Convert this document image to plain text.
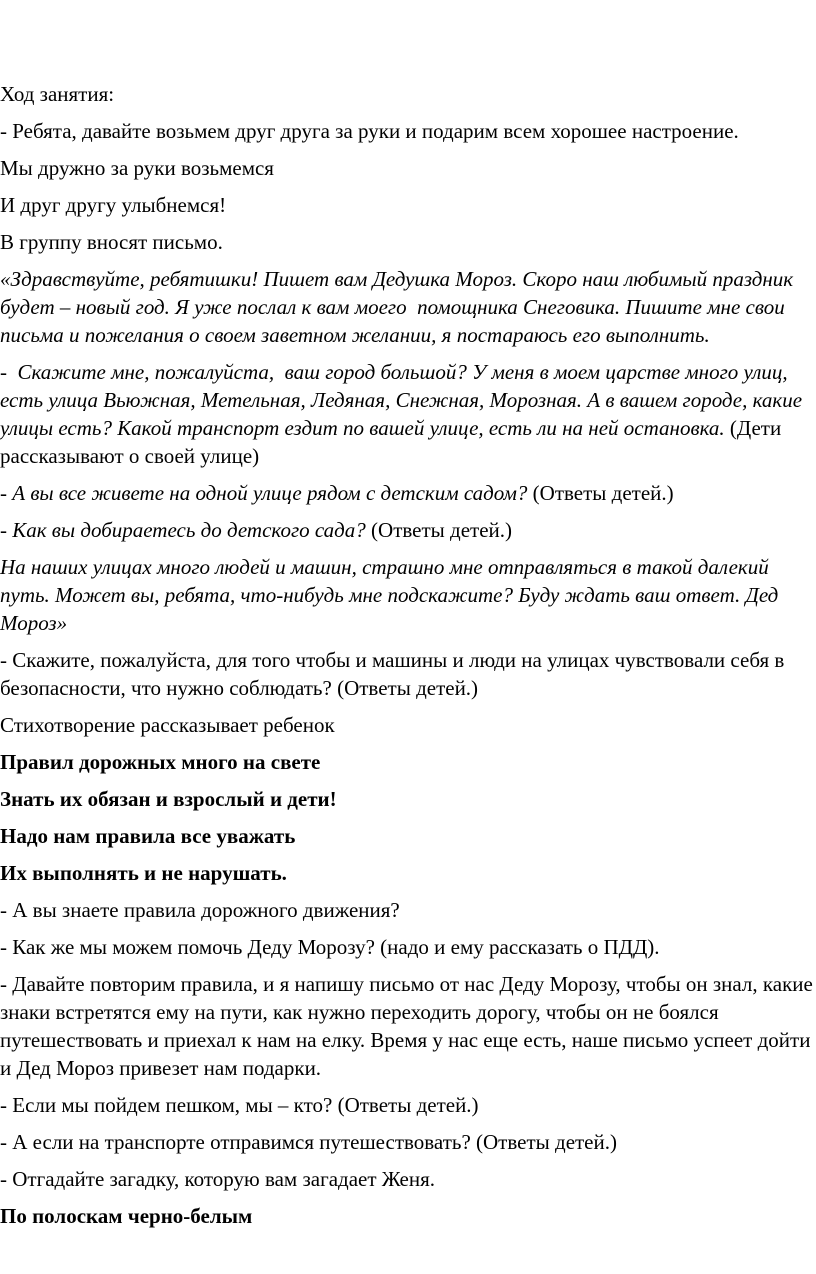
Ход занятия:

- Ребята, давайте возьмем друг друга за руки и подарим всем хорошее настроение.

Мы дружно за руки возьмемся

И друг другу улыбнемся!

В группу вносят письмо.

«Здравствуйте, ребятишки! Пишет вам Дедушка Мороз. Скоро наш любимый праздник будет – новый год. Я уже послал к вам моего  помощника Снеговика. Пишите мне свои письма и пожелания о своем заветном желании, я постараюсь его выполнить.

-  Скажите мне, пожалуйста,  ваш город большой? У меня в моем царстве много улиц, есть улица Вьюжная, Метельная, Ледяная, Снежная, Морозная. А в вашем городе, какие улицы есть? Какой транспорт ездит по вашей улице, есть ли на ней остановка. (Дети рассказывают о своей улице)

- А вы все живете на одной улице рядом с детским садом? (Ответы детей.)

- Как вы добираетесь до детского сада? (Ответы детей.)

На наших улицах много людей и машин, страшно мне отправляться в такой далекий путь. Может вы, ребята, что-нибудь мне подскажите? Буду ждать ваш ответ. Дед Мороз»

- Скажите, пожалуйста, для того чтобы и машины и люди на улицах чувствовали себя в безопасности, что нужно соблюдать? (Ответы детей.)

Стихотворение рассказывает ребенок

Правил дорожных много на свете

Знать их обязан и взрослый и дети!

Надо нам правила все уважать

Их выполнять и не нарушать.

- А вы знаете правила дорожного движения?

- Как же мы можем помочь Деду Морозу? (надо и ему рассказать о ПДД).

- Давайте повторим правила, и я напишу письмо от нас Деду Морозу, чтобы он знал, какие знаки встретятся ему на пути, как нужно переходить дорогу, чтобы он не боялся путешествовать и приехал к нам на елку. Время у нас еще есть, наше письмо успеет дойти и Дед Мороз привезет нам подарки.

- Если мы пойдем пешком, мы – кто? (Ответы детей.)

- А если на транспорте отправимся путешествовать? (Ответы детей.)

- Отгадайте загадку, которую вам загадает Женя.

По полоскам черно-белым
